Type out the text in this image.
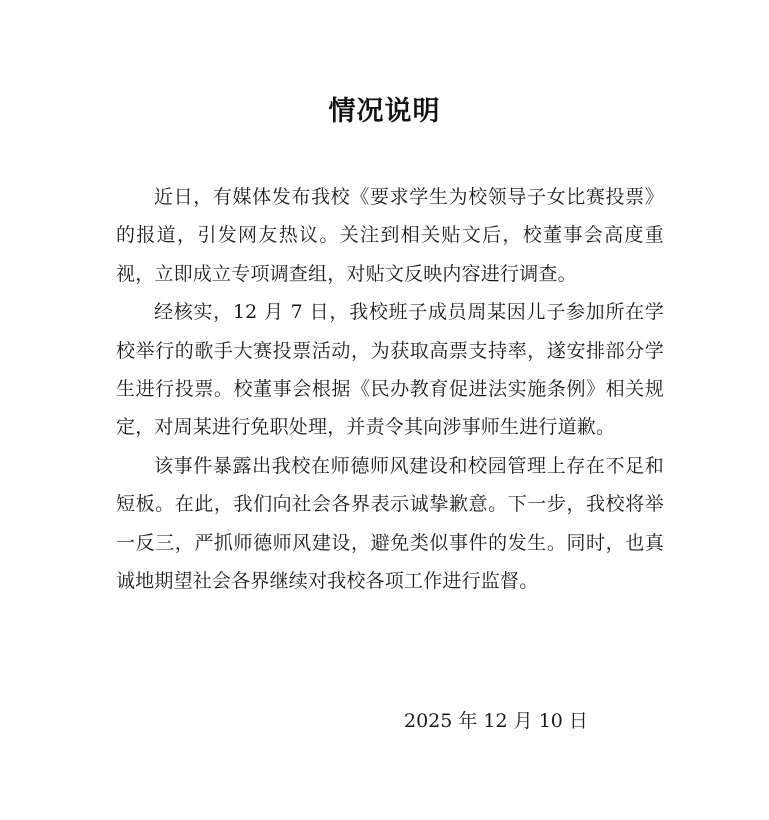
情况说明

近日，有媒体发布我校《要求学生为校领导子女比赛投票》的报道，引发网友热议。关注到相关贴文后，校董事会高度重视，立即成立专项调查组，对贴文反映内容进行调查。

经核实，12 月 7 日，我校班子成员周某因儿子参加所在学校举行的歌手大赛投票活动，为获取高票支持率，遂安排部分学生进行投票。校董事会根据《民办教育促进法实施条例》相关规定，对周某进行免职处理，并责令其向涉事师生进行道歉。

该事件暴露出我校在师德师风建设和校园管理上存在不足和短板。在此，我们向社会各界表示诚挚歉意。下一步，我校将举一反三，严抓师德师风建设，避免类似事件的发生。同时，也真诚地期望社会各界继续对我校各项工作进行监督。

2025 年 12 月 10 日
